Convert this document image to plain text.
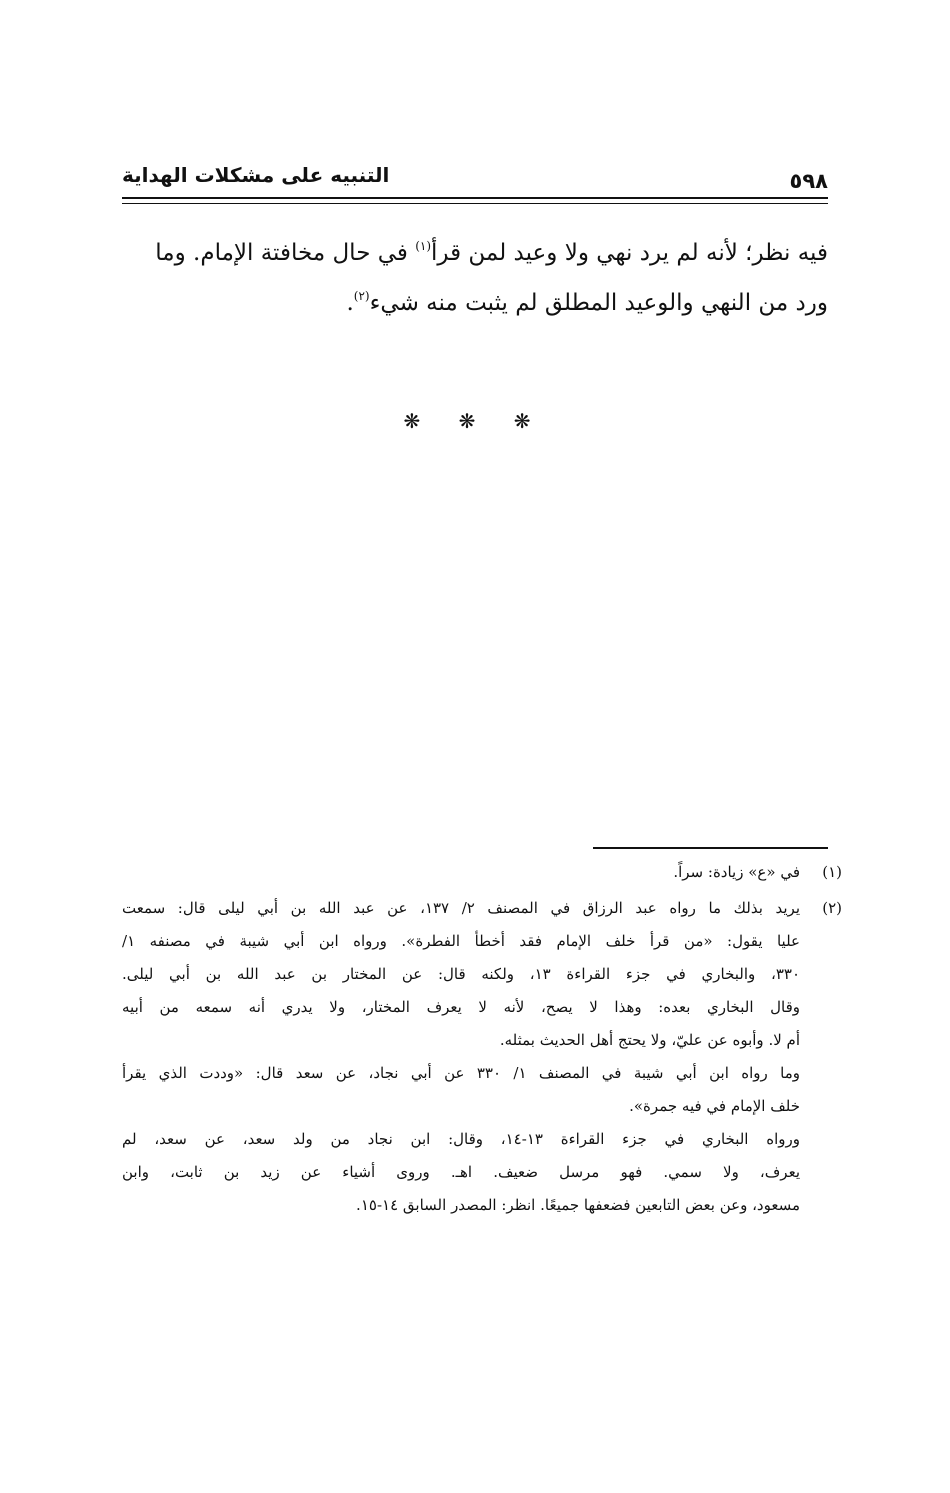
٥٩٨
التنبيه على مشكلات الهداية
فيه نظر؛ لأنه لم يرد نهي ولا وعيد لمن قرأ$^{(١)}$ في حال مخافتة الإمام. وما
ورد من النهي والوعيد المطلق لم يثبت منه شيء$^{(٢)}$.
❋ ❋ ❋
(١)
في «ع» زيادة: سراً.
(٢)
يريد بذلك ما رواه عبد الرزاق في المصنف ٢/ ١٣٧، عن عبد الله بن أبي ليلى قال: سمعت
عليا يقول: «من قرأ خلف الإمام فقد أخطأ الفطرة». ورواه ابن أبي شيبة في مصنفه ١/
٣٣٠، والبخاري في جزء القراءة ١٣، ولكنه قال: عن المختار بن عبد الله بن أبي ليلى.
وقال البخاري بعده: وهذا لا يصح، لأنه لا يعرف المختار، ولا يدري أنه سمعه من أبيه
أم لا. وأبوه عن عليّ، ولا يحتج أهل الحديث بمثله.
وما رواه ابن أبي شيبة في المصنف ١/ ٣٣٠ عن أبي نجاد، عن سعد قال: «وددت الذي يقرأ
خلف الإمام في فيه جمرة».
ورواه البخاري في جزء القراءة ١٣-١٤، وقال: ابن نجاد من ولد سعد، عن سعد، لم
يعرف، ولا سمي. فهو مرسل ضعيف. اهـ. وروى أشياء عن زيد بن ثابت، وابن
مسعود، وعن بعض التابعين فضعفها جميعًا. انظر: المصدر السابق ١٤-١٥.
